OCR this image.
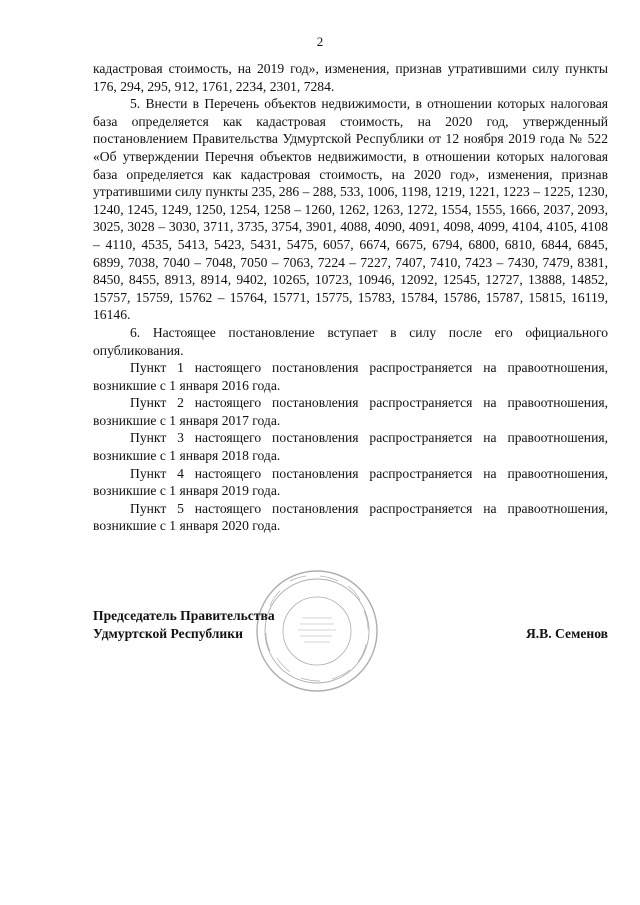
2

кадастровая стоимость, на 2019 год», изменения, признав утратившими силу пункты 176, 294, 295, 912, 1761, 2234, 2301, 7284.

5. Внести в Перечень объектов недвижимости, в отношении которых налоговая база определяется как кадастровая стоимость, на 2020 год, утвержденный постановлением Правительства Удмуртской Республики от 12 ноября 2019 года № 522 «Об утверждении Перечня объектов недвижимости, в отношении которых налоговая база определяется как кадастровая стоимость, на 2020 год», изменения, признав утратившими силу пункты 235, 286 – 288, 533, 1006, 1198, 1219, 1221, 1223 – 1225, 1230, 1240, 1245, 1249, 1250, 1254, 1258 – 1260, 1262, 1263, 1272, 1554, 1555, 1666, 2037, 2093, 3025, 3028 – 3030, 3711, 3735, 3754, 3901, 4088, 4090, 4091, 4098, 4099, 4104, 4105, 4108 – 4110, 4535, 5413, 5423, 5431, 5475, 6057, 6674, 6675, 6794, 6800, 6810, 6844, 6845, 6899, 7038, 7040 – 7048, 7050 – 7063, 7224 – 7227, 7407, 7410, 7423 – 7430, 7479, 8381, 8450, 8455, 8913, 8914, 9402, 10265, 10723, 10946, 12092, 12545, 12727, 13888, 14852, 15757, 15759, 15762 – 15764, 15771, 15775, 15783, 15784, 15786, 15787, 15815, 16119, 16146.

6. Настоящее постановление вступает в силу после его официального опубликования.

Пункт 1 настоящего постановления распространяется на правоотношения, возникшие с 1 января 2016 года.

Пункт 2 настоящего постановления распространяется на правоотношения, возникшие с 1 января 2017 года.

Пункт 3 настоящего постановления распространяется на правоотношения, возникшие с 1 января 2018 года.

Пункт 4 настоящего постановления распространяется на правоотношения, возникшие с 1 января 2019 года.

Пункт 5 настоящего постановления распространяется на правоотношения, возникшие с 1 января 2020 года.

Председатель Правительства
Удмуртской Республики	Я.В. Семенов
